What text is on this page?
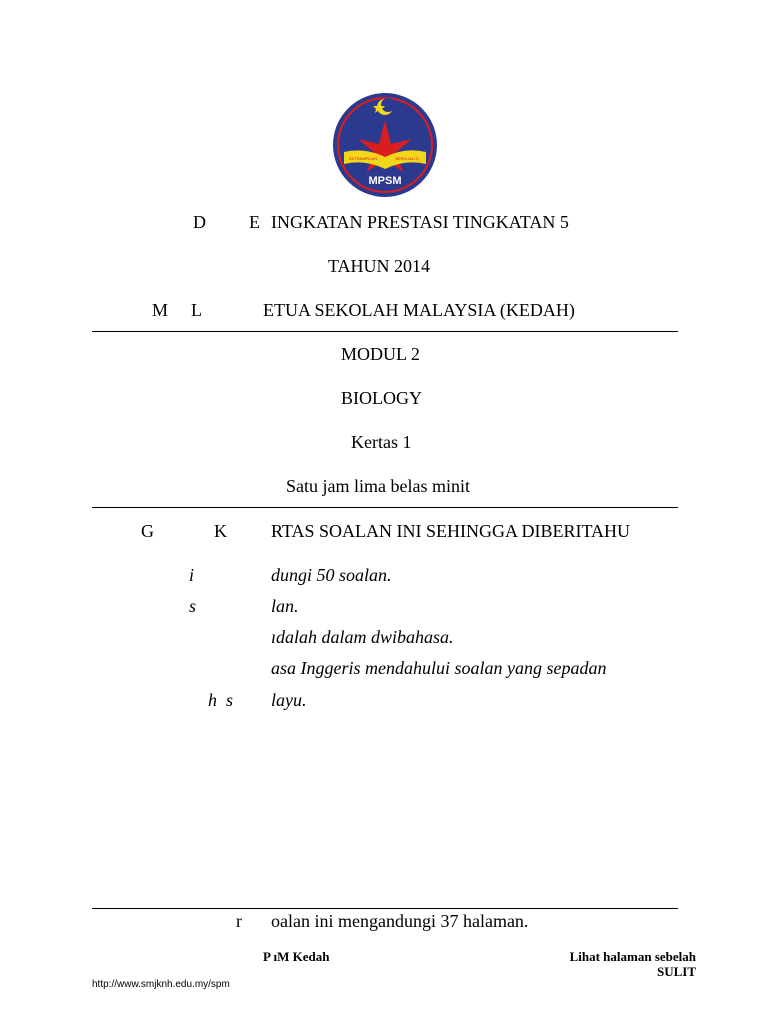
KETRAMPILAN	BERKUALITI
MPSM
D E INGKATAN PRESTASI TINGKATAN 5
TAHUN 2014
M L	ETUA SEKOLAH MALAYSIA (KEDAH)
MODUL 2
BIOLOGY
Kertas 1
Satu jam lima belas minit
G	K RTAS SOALAN INI SEHINGGA DIBERITAHU
i	dungi 50 soalan.
s	lan.
ıdalah dalam dwibahasa.
asa Inggeris mendahului soalan yang sepadan
h  s layu.
r oalan ini mengandungi 37 halaman.
P ıM Kedah	Lihat halaman sebelah
SULIT
http://www.smjknh.edu.my/spm
